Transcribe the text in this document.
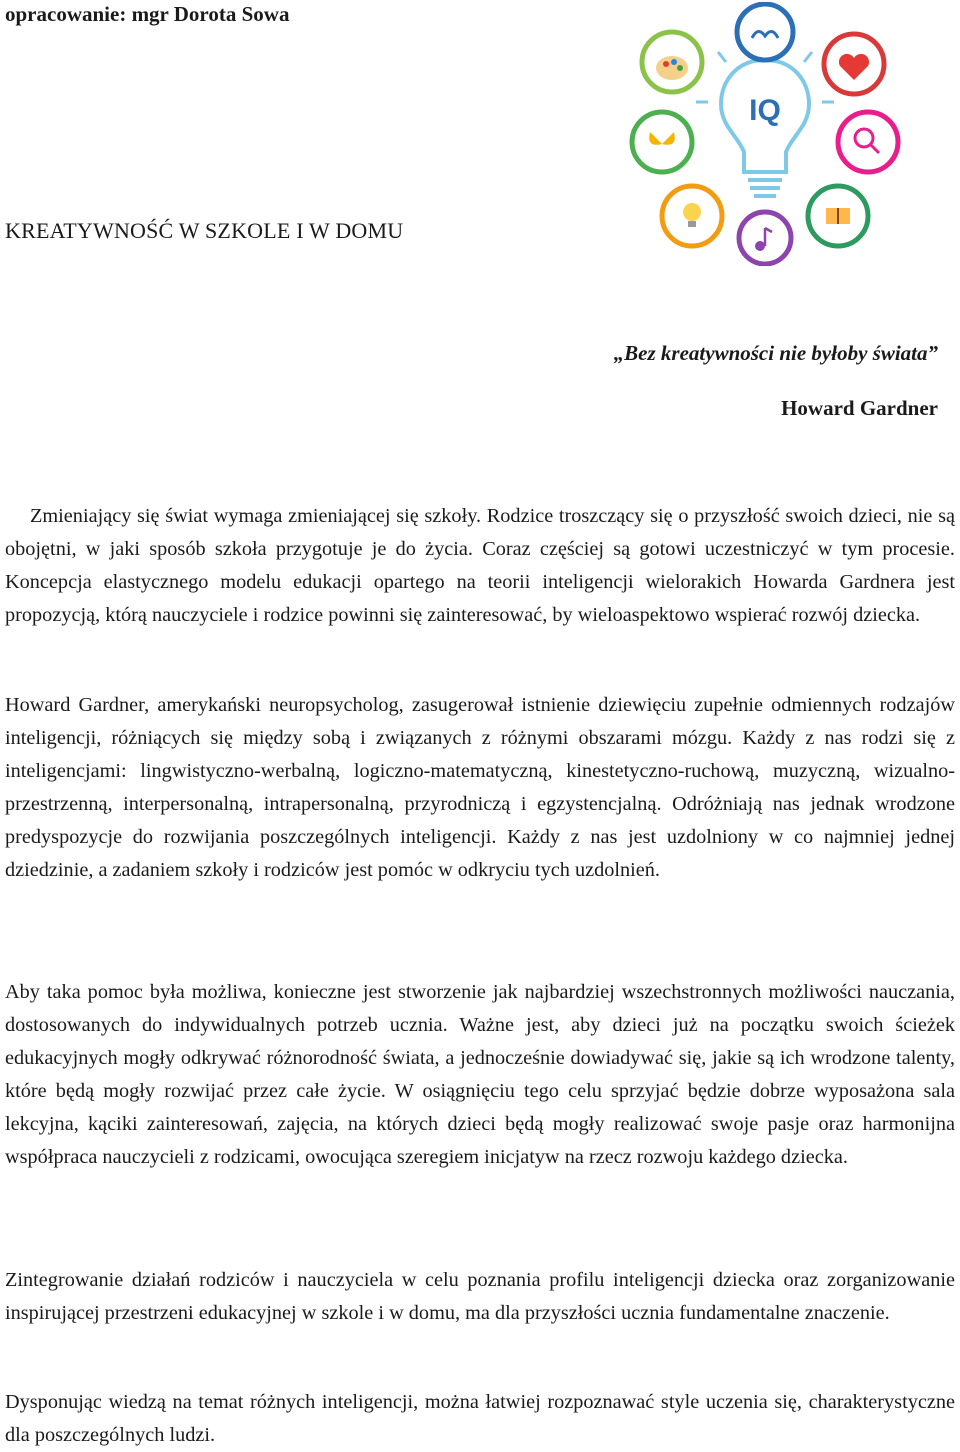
opracowanie: mgr Dorota Sowa
IQ
KREATYWNOŚĆ W SZKOLE I W DOMU

„Bez kreatywności nie byłoby świata”

Howard Gardner

Zmieniający się świat wymaga zmieniającej się szkoły. Rodzice troszczący się o przyszłość swoich dzieci, nie są obojętni, w jaki sposób szkoła przygotuje je do życia. Coraz częściej są gotowi uczestniczyć w tym procesie. Koncepcja elastycznego modelu edukacji opartego na teorii inteligencji wielorakich Howarda Gardnera jest propozycją, którą nauczyciele i rodzice powinni się zainteresować, by wieloaspektowo wspierać rozwój dziecka.

Howard Gardner, amerykański neuropsycholog, zasugerował istnienie dziewięciu zupełnie odmiennych rodzajów inteligencji, różniących się między sobą i związanych z różnymi obszarami mózgu. Każdy z nas rodzi się z inteligencjami: lingwistyczno-werbalną, logiczno-matematyczną, kinestetyczno-ruchową, muzyczną, wizualno-przestrzenną, interpersonalną, intrapersonalną, przyrodniczą i egzystencjalną. Odróżniają nas jednak wrodzone predyspozycje do rozwijania poszczególnych inteligencji. Każdy z nas jest uzdolniony w co najmniej jednej dziedzinie, a zadaniem szkoły i rodziców jest pomóc w odkryciu tych uzdolnień.

Aby taka pomoc była możliwa, konieczne jest stworzenie jak najbardziej wszechstronnych możliwości nauczania, dostosowanych do indywidualnych potrzeb ucznia. Ważne jest, aby dzieci już na początku swoich ścieżek edukacyjnych mogły odkrywać różnorodność świata, a jednocześnie dowiadywać się, jakie są ich wrodzone talenty, które będą mogły rozwijać przez całe życie. W osiągnięciu tego celu sprzyjać będzie dobrze wyposażona sala lekcyjna, kąciki zainteresowań, zajęcia, na których dzieci będą mogły realizować swoje pasje oraz harmonijna współpraca nauczycieli z rodzicami, owocująca szeregiem inicjatyw na rzecz rozwoju każdego dziecka.

Zintegrowanie działań rodziców i nauczyciela w celu poznania profilu inteligencji dziecka oraz zorganizowanie inspirującej przestrzeni edukacyjnej w szkole i w domu, ma dla przyszłości ucznia fundamentalne znaczenie.

Dysponując wiedzą na temat różnych inteligencji, można łatwiej rozpoznawać style uczenia się, charakterystyczne dla poszczególnych ludzi.
